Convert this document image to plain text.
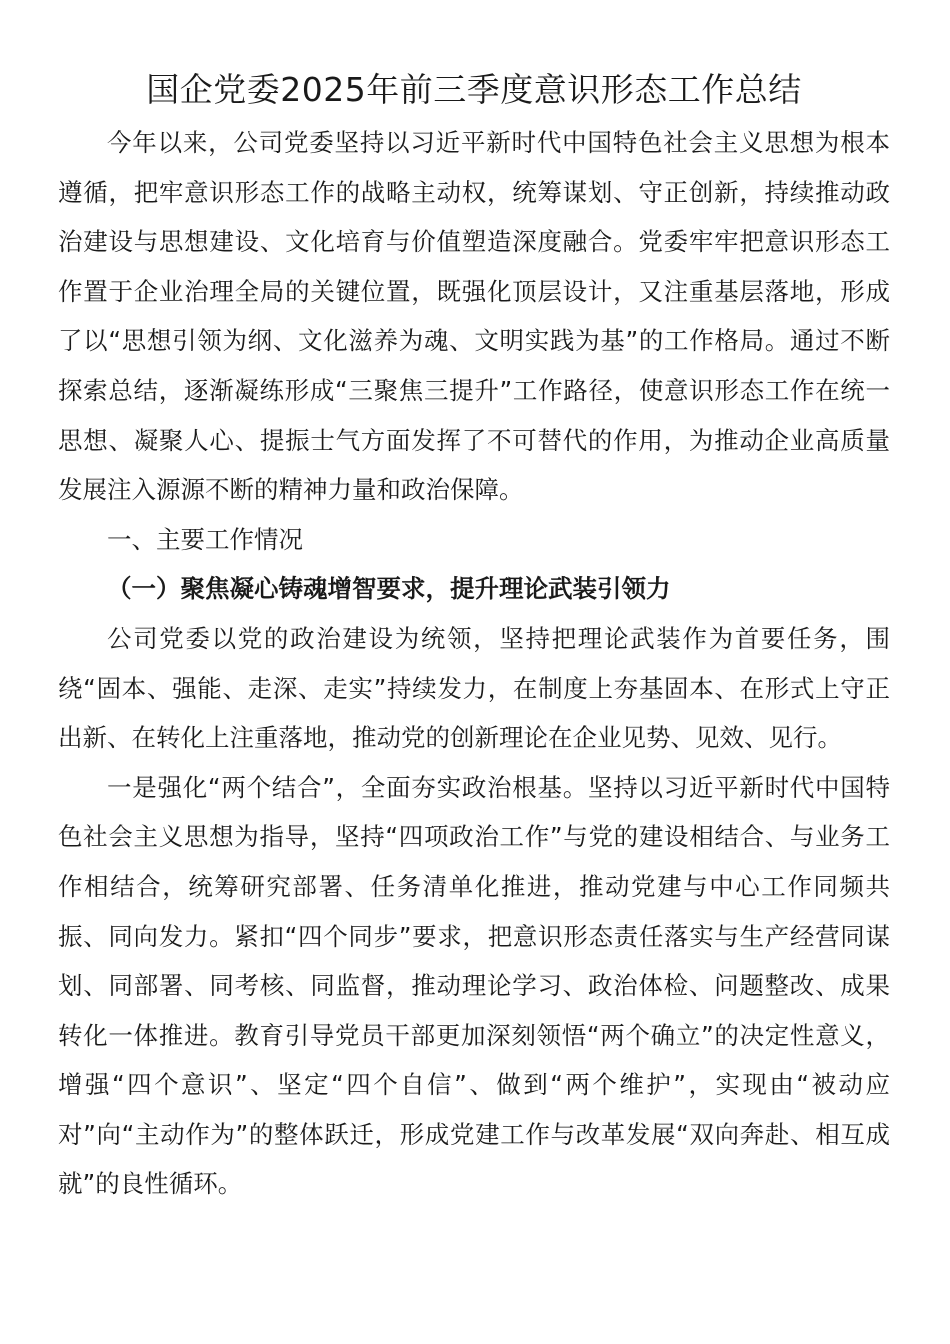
国企党委2025年前三季度意识形态工作总结

今年以来，公司党委坚持以习近平新时代中国特色社会主义思想为根本遵循，把牢意识形态工作的战略主动权，统筹谋划、守正创新，持续推动政治建设与思想建设、文化培育与价值塑造深度融合。党委牢牢把意识形态工作置于企业治理全局的关键位置，既强化顶层设计，又注重基层落地，形成了以“思想引领为纲、文化滋养为魂、文明实践为基”的工作格局。通过不断探索总结，逐渐凝练形成“三聚焦三提升”工作路径，使意识形态工作在统一思想、凝聚人心、提振士气方面发挥了不可替代的作用，为推动企业高质量发展注入源源不断的精神力量和政治保障。

一、主要工作情况

（一）聚焦凝心铸魂增智要求，提升理论武装引领力

公司党委以党的政治建设为统领，坚持把理论武装作为首要任务，围绕“固本、强能、走深、走实”持续发力，在制度上夯基固本、在形式上守正出新、在转化上注重落地，推动党的创新理论在企业见势、见效、见行。

一是强化“两个结合”，全面夯实政治根基。坚持以习近平新时代中国特色社会主义思想为指导，坚持“四项政治工作”与党的建设相结合、与业务工作相结合，统筹研究部署、任务清单化推进，推动党建与中心工作同频共振、同向发力。紧扣“四个同步”要求，把意识形态责任落实与生产经营同谋划、同部署、同考核、同监督，推动理论学习、政治体检、问题整改、成果转化一体推进。教育引导党员干部更加深刻领悟“两个确立”的决定性意义，增强“四个意识”、坚定“四个自信”、做到“两个维护”，实现由“被动应对”向“主动作为”的整体跃迁，形成党建工作与改革发展“双向奔赴、相互成就”的良性循环。
